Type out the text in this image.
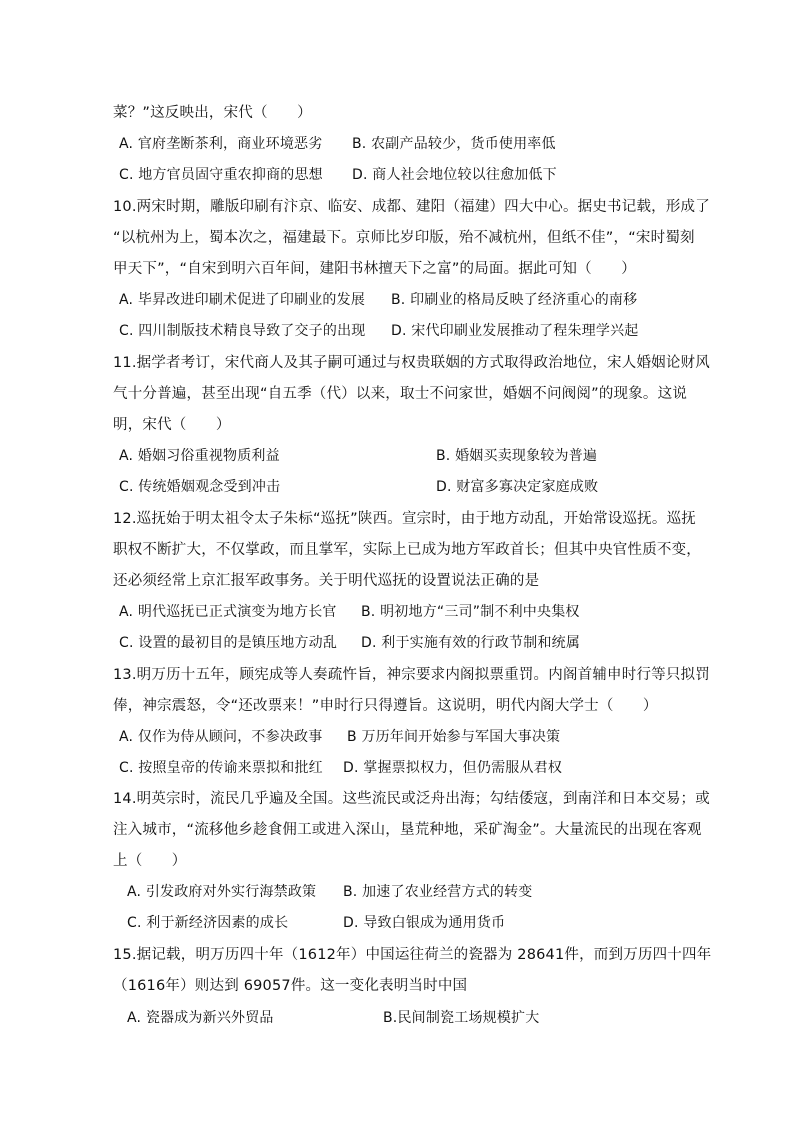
菜？”这反映出，宋代（　　）
A. 官府垄断茶利，商业环境恶劣 B. 农副产品较少，货币使用率低
C. 地方官员固守重农抑商的思想 D. 商人社会地位较以往愈加低下
10.两宋时期，雕版印刷有汴京、临安、成都、建阳（福建）四大中心。据史书记载，形成了
“以杭州为上，蜀本次之，福建最下。京师比岁印版，殆不减杭州，但纸不佳”，“宋时蜀刻
甲天下”，“自宋到明六百年间，建阳书林擅天下之富”的局面。据此可知（　　）
A. 毕昇改进印刷术促进了印刷业的发展 B. 印刷业的格局反映了经济重心的南移
C. 四川制版技术精良导致了交子的出现 D. 宋代印刷业发展推动了程朱理学兴起
11.据学者考订，宋代商人及其子嗣可通过与权贵联姻的方式取得政治地位，宋人婚姻论财风
气十分普遍，甚至出现“自五季（代）以来，取士不问家世，婚姻不问阀阅”的现象。这说
明，宋代（　　）
A. 婚姻习俗重视物质利益	B. 婚姻买卖现象较为普遍
C. 传统婚姻观念受到冲击	D. 财富多寡决定家庭成败
12.巡抚始于明太祖令太子朱标“巡抚”陕西。宣宗时，由于地方动乱，开始常设巡抚。巡抚
职权不断扩大，不仅掌政，而且掌军，实际上已成为地方军政首长；但其中央官性质不变，
还必须经常上京汇报军政事务。关于明代巡抚的设置说法正确的是
A. 明代巡抚已正式演变为地方长官 B. 明初地方“三司”制不利中央集权
C. 设置的最初目的是镇压地方动乱 D. 利于实施有效的行政节制和统属
13.明万历十五年，顾宪成等人奏疏忤旨，神宗要求内阁拟票重罚。内阁首辅申时行等只拟罚
俸，神宗震怒，令“还改票来！”申时行只得遵旨。这说明，明代内阁大学士（　　）
A. 仅作为侍从顾问，不参决政事 B 万历年间开始参与军国大事决策
C. 按照皇帝的传谕来票拟和批红 D. 掌握票拟权力，但仍需服从君权
14.明英宗时，流民几乎遍及全国。这些流民或泛舟出海；勾结倭寇，到南洋和日本交易；或
注入城市，“流移他乡趁食佣工或进入深山，垦荒种地，采矿淘金”。大量流民的出现在客观
上（　　）
A. 引发政府对外实行海禁政策 B. 加速了农业经营方式的转变
C. 利于新经济因素的成长	D. 导致白银成为通用货币
15.据记载，明万历四十年（1612年）中国运往荷兰的瓷器为 28641件，而到万历四十四年
（1616年）则达到 69057件。这一变化表明当时中国
A. 瓷器成为新兴外贸品	B.民间制瓷工场规模扩大
